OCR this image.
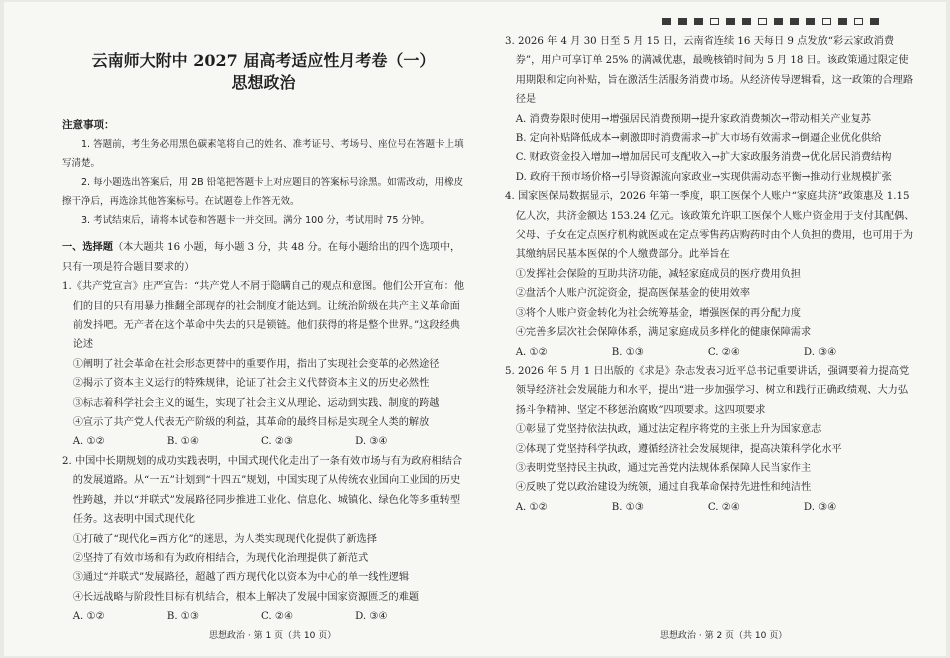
云南师大附中 2027 届高考适应性月考卷（一）
思想政治
注意事项：
1. 答题前，考生务必用黑色碳素笔将自己的姓名、准考证号、考场号、座位号在答题卡上填写清楚。
2. 每小题选出答案后，用 2B 铅笔把答题卡上对应题目的答案标号涂黑。如需改动，用橡皮擦干净后，再选涂其他答案标号。在试题卷上作答无效。
3. 考试结束后，请将本试卷和答题卡一并交回。满分 100 分，考试用时 75 分钟。
一、选择题（本大题共 16 小题，每小题 3 分，共 48 分。在每小题给出的四个选项中，只有一项是符合题目要求的）
1.《共产党宣言》庄严宣告：“共产党人不屑于隐瞒自己的观点和意图。他们公开宣布：他们的目的只有用暴力推翻全部现存的社会制度才能达到。让统治阶级在共产主义革命面前发抖吧。无产者在这个革命中失去的只是锁链。他们获得的将是整个世界。”这段经典论述
①阐明了社会革命在社会形态更替中的重要作用，指出了实现社会变革的必然途径
②揭示了资本主义运行的特殊规律，论证了社会主义代替资本主义的历史必然性
③标志着科学社会主义的诞生，实现了社会主义从理论、运动到实践、制度的跨越
④宣示了共产党人代表无产阶级的利益，其革命的最终目标是实现全人类的解放
A. ①②	B. ①④	C. ②③	D. ③④
2. 中国中长期规划的成功实践表明，中国式现代化走出了一条有效市场与有为政府相结合的发展道路。从“一五”计划到“十四五”规划，中国实现了从传统农业国向工业国的历史性跨越，并以“并联式”发展路径同步推进工业化、信息化、城镇化、绿色化等多重转型任务。这表明中国式现代化
①打破了“现代化=西方化”的迷思，为人类实现现代化提供了新选择
②坚持了有效市场和有为政府相结合，为现代化治理提供了新范式
③通过“并联式”发展路径，超越了西方现代化以资本为中心的单一线性逻辑
④长远战略与阶段性目标有机结合，根本上解决了发展中国家资源匮乏的难题
A. ①②	B. ①③	C. ②④	D. ③④
3. 2026 年 4 月 30 日至 5 月 15 日，云南省连续 16 天每日 9 点发放“彩云家政消费券”，用户可享订单 25% 的满减优惠，最晚核销时间为 5 月 18 日。该政策通过限定使用期限和定向补贴，旨在激活生活服务消费市场。从经济传导逻辑看，这一政策的合理路径是
A. 消费券限时使用→增强居民消费预期→提升家政消费频次→带动相关产业复苏
B. 定向补贴降低成本→刺激即时消费需求→扩大市场有效需求→倒逼企业优化供给
C. 财政资金投入增加→增加居民可支配收入→扩大家政服务消费→优化居民消费结构
D. 政府干预市场价格→引导资源流向家政业→实现供需动态平衡→推动行业规模扩张
4. 国家医保局数据显示，2026 年第一季度，职工医保个人账户“家庭共济”政策惠及 1.15 亿人次，共济金额达 153.24 亿元。该政策允许职工医保个人账户资金用于支付其配偶、父母、子女在定点医疗机构就医或在定点零售药店购药时由个人负担的费用，也可用于为其缴纳居民基本医保的个人缴费部分。此举旨在
①发挥社会保险的互助共济功能，减轻家庭成员的医疗费用负担
②盘活个人账户沉淀资金，提高医保基金的使用效率
③将个人账户资金转化为社会统筹基金，增强医保的再分配力度
④完善多层次社会保障体系，满足家庭成员多样化的健康保障需求
A. ①②	B. ①③	C. ②④	D. ③④
5. 2026 年 5 月 1 日出版的《求是》杂志发表习近平总书记重要讲话，强调要着力提高党领导经济社会发展能力和水平，提出“进一步加强学习、树立和践行正确政绩观、大力弘扬斗争精神、坚定不移惩治腐败”四项要求。这四项要求
①彰显了党坚持依法执政，通过法定程序将党的主张上升为国家意志
②体现了党坚持科学执政，遵循经济社会发展规律，提高决策科学化水平
③表明党坚持民主执政，通过完善党内法规体系保障人民当家作主
④反映了党以政治建设为统领，通过自我革命保持先进性和纯洁性
A. ①②	B. ①③	C. ②④	D. ③④
思想政治 · 第 1 页（共 10 页）	思想政治 · 第 2 页（共 10 页）
